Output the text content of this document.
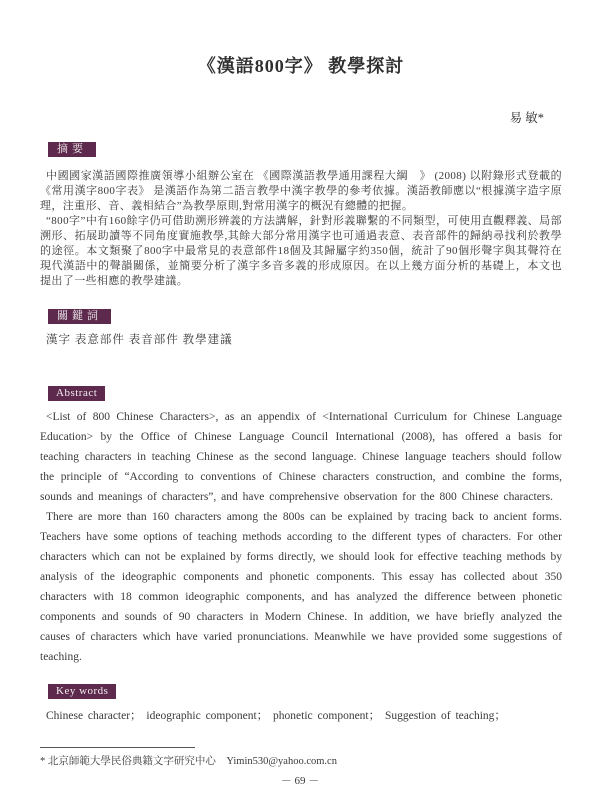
《漢語800字》 教學探討
易 敏*
摘要

中國國家漢語國際推廣領導小組辦公室在 《國際漢語教學通用課程大綱　》 (2008) 以附錄形式登載的《常用漢字800字表》 是漢語作為第二語言教學中漢字教學的參考依據。漢語教師應以“根據漢字造字原理，注重形、音、義相結合”為教學原則,對常用漢字的概況有總體的把握。

“800字”中有160餘字仍可借助溯形辨義的方法講解，針對形義聯繫的不同類型，可使用直觀釋義、局部溯形、拓展助讀等不同角度實施教學,其餘大部分常用漢字也可通過表意、表音部件的歸納尋找利於教學的途徑。本文類聚了800字中最常見的表意部件18個及其歸屬字約350個，統計了90個形聲字與其聲符在現代漢語中的聲韻關係，並簡要分析了漢字多音多義的形成原因。在以上幾方面分析的基礎上，本文也提出了一些相應的教學建議。

關鍵詞
漢字 表意部件 表音部件 教學建議
Abstract

<List of 800 Chinese Characters>, as an appendix of <International Curriculum for Chinese Language Education> by the Office of Chinese Language Council International (2008), has offered a basis for teaching characters in teaching Chinese as the second language. Chinese language teachers should follow the principle of “According to conventions of Chinese characters construction, and combine the forms, sounds and meanings of characters”, and have comprehensive observation for the 800 Chinese characters.

There are more than 160 characters among the 800s can be explained by tracing back to ancient forms. Teachers have some options of teaching methods according to the different types of characters. For other characters which can not be explained by forms directly, we should look for effective teaching methods by analysis of the ideographic components and phonetic components. This essay has collected about 350 characters with 18 common ideographic components, and has analyzed the difference between phonetic components and sounds of 90 characters in Modern Chinese. In addition, we have briefly analyzed the causes of characters which have varied pronunciations. Meanwhile we have provided some suggestions of teaching.

Key words
Chinese character； ideographic component； phonetic component； Suggestion of teaching；
* 北京師範大學民俗典籍文字研究中心　Yimin530@yahoo.com.cn
－ 69 －
